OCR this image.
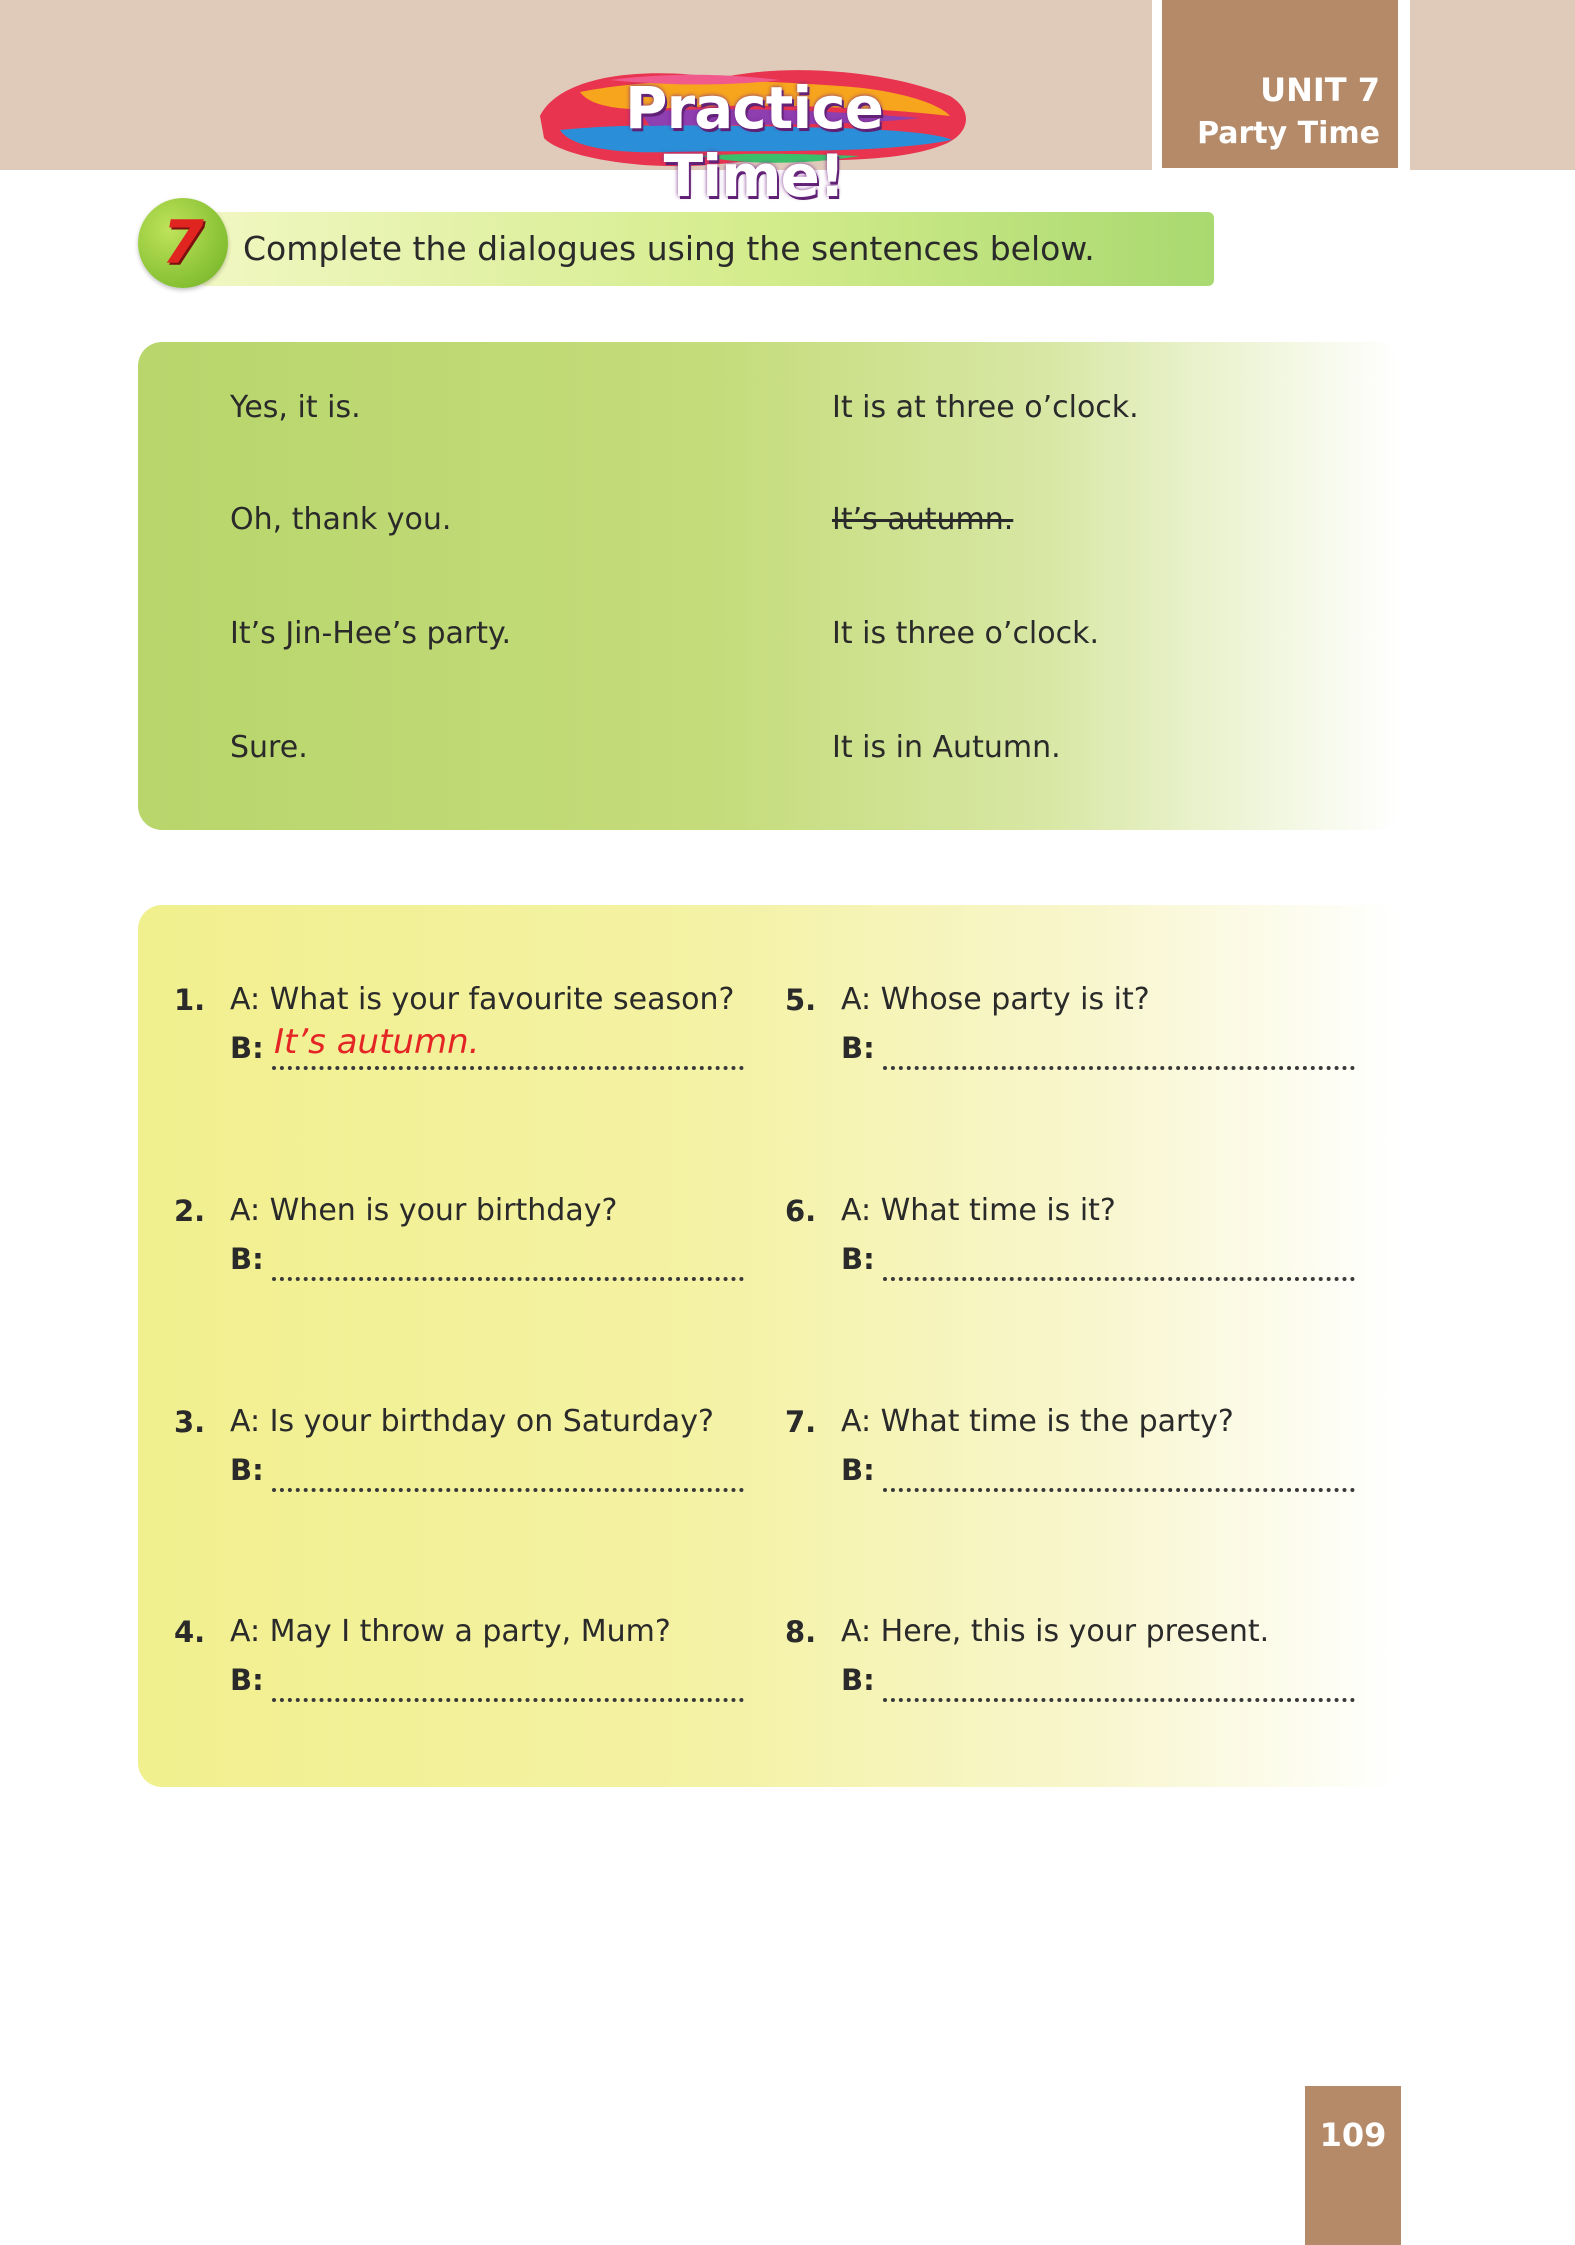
UNIT 7
Party Time
Practice Time!
7	Complete the dialogues using the sentences below.
Yes, it is.
Oh, thank you.
It’s Jin-Hee’s party.
Sure.
It is at three o’clock.
It’s autumn.
It is three o’clock.
It is in Autumn.
1. A: What is your favourite season?
B: It’s autumn.
2. A: When is your birthday?
B:
3. A: Is your birthday on Saturday?
B:
4. A: May I throw a party, Mum?
B:
5. A: Whose party is it?
B:
6. A: What time is it?
B:
7. A: What time is the party?
B:
8. A: Here, this is your present.
B:
109
